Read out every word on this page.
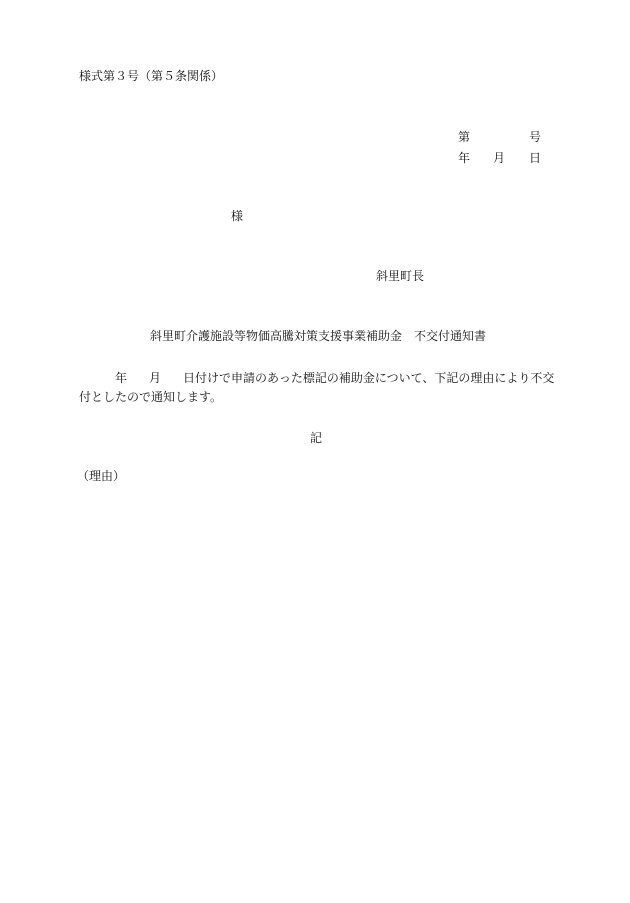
様式第３号（第５条関係）
第	号
年 月 日
様
斜里町長
斜里町介護施設等物価高騰対策支援事業補助金　不交付通知書
年 月 日付けで申請のあった標記の補助金について、下記の理由により不交
付としたので通知します。
記
（理由）
